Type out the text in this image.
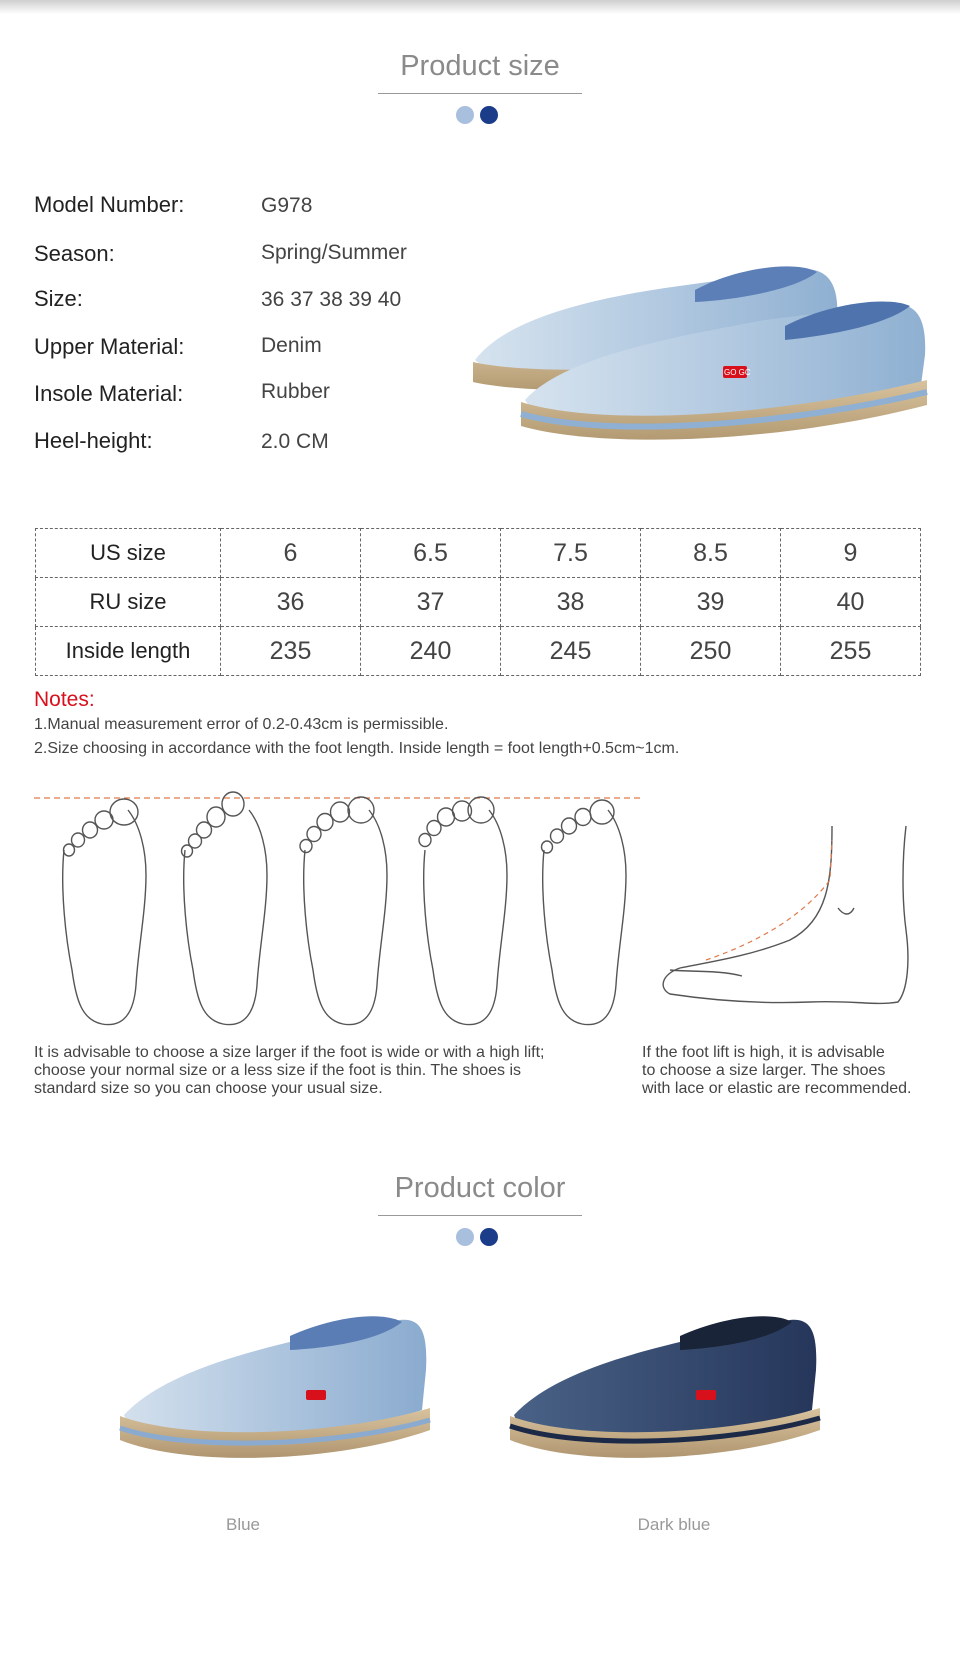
Product size
Model Number:	G978
Season:	Spring/Summer
Size:	36 37 38 39 40
Upper Material:	Denim
Insole Material:	Rubber
Heel-height:	2.0 CM
GO GC
US size	6	6.5	7.5	8.5	9
RU size	36	37	38	39	40
Inside length	235	240	245	250	255
Notes:
1.Manual measurement error of 0.2-0.43cm is permissible.
2.Size choosing in accordance with the foot length. Inside length = foot length+0.5cm~1cm.
It is advisable to choose a size larger if the foot is wide or with a high lift;
choose your normal size or a less size if the foot is thin. The shoes is
standard size so you can choose your usual size.
If the foot lift is high, it is advisable
to choose a size larger. The shoes
with lace or elastic are recommended.
Product color
Blue	Dark blue
